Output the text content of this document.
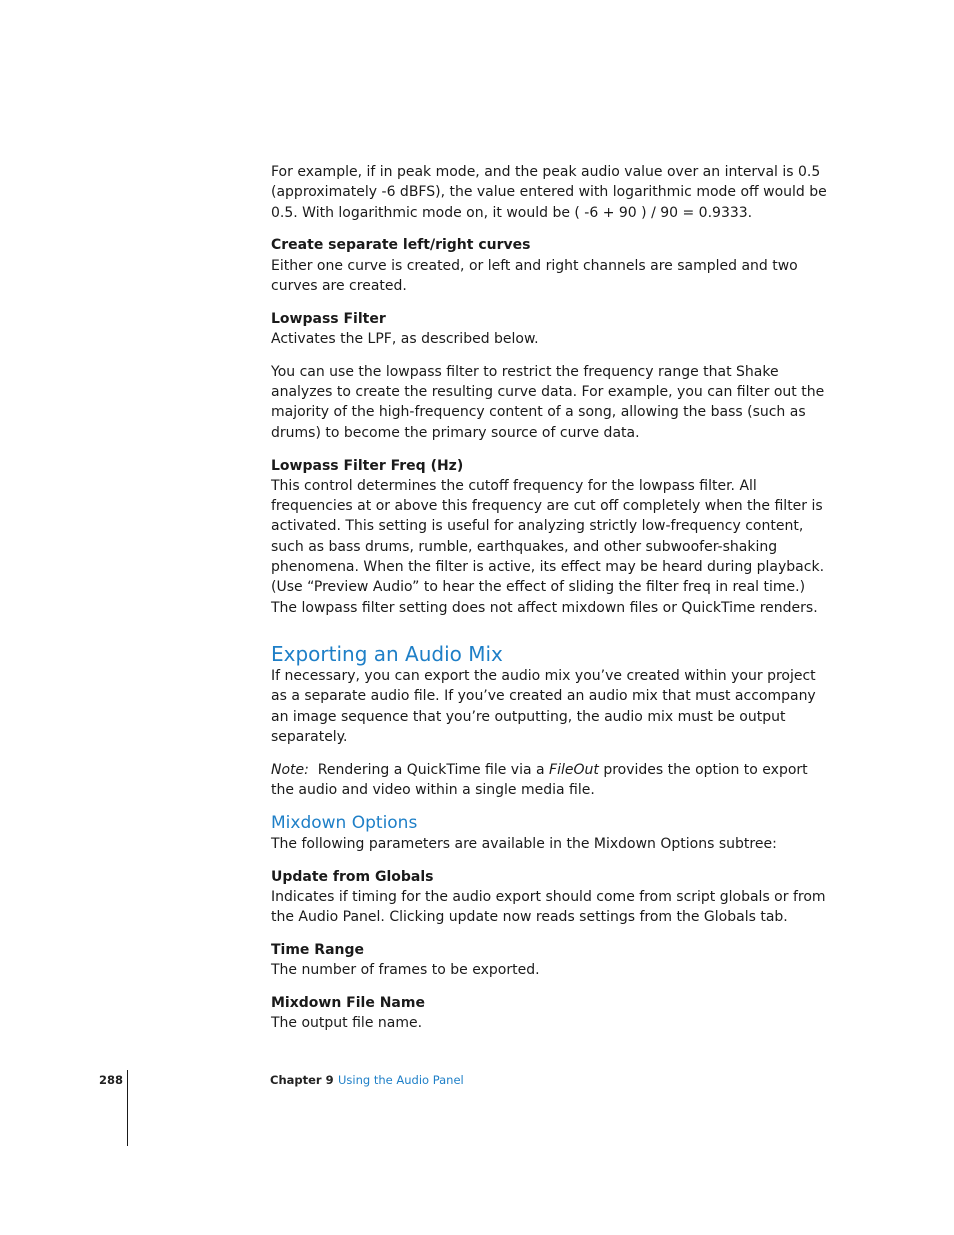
For example, if in peak mode, and the peak audio value over an interval is 0.5 (approximately -6 dBFS), the value entered with logarithmic mode off would be 0.5. With logarithmic mode on, it would be ( -6 + 90 ) / 90 = 0.9333.

Create separate left/right curves

Either one curve is created, or left and right channels are sampled and two curves are created.

Lowpass Filter

Activates the LPF, as described below.

You can use the lowpass filter to restrict the frequency range that Shake analyzes to create the resulting curve data. For example, you can filter out the majority of the high-frequency content of a song, allowing the bass (such as drums) to become the primary source of curve data.

Lowpass Filter Freq (Hz)

This control determines the cutoff frequency for the lowpass filter. All frequencies at or above this frequency are cut off completely when the filter is activated. This setting is useful for analyzing strictly low-frequency content, such as bass drums, rumble, earthquakes, and other subwoofer-shaking phenomena. When the filter is active, its effect may be heard during playback. (Use “Preview Audio” to hear the effect of sliding the filter freq in real time.) The lowpass filter setting does not affect mixdown files or QuickTime renders.

Exporting an Audio Mix

If necessary, you can export the audio mix you’ve created within your project as a separate audio file. If you’ve created an audio mix that must accompany an image sequence that you’re outputting, the audio mix must be output separately.

Note:  Rendering a QuickTime file via a FileOut provides the option to export the audio and video within a single media file.

Mixdown Options

The following parameters are available in the Mixdown Options subtree:

Update from Globals

Indicates if timing for the audio export should come from script globals or from the Audio Panel. Clicking update now reads settings from the Globals tab.

Time Range

The number of frames to be exported.

Mixdown File Name

The output file name.

288	Chapter 9 Using the Audio Panel
